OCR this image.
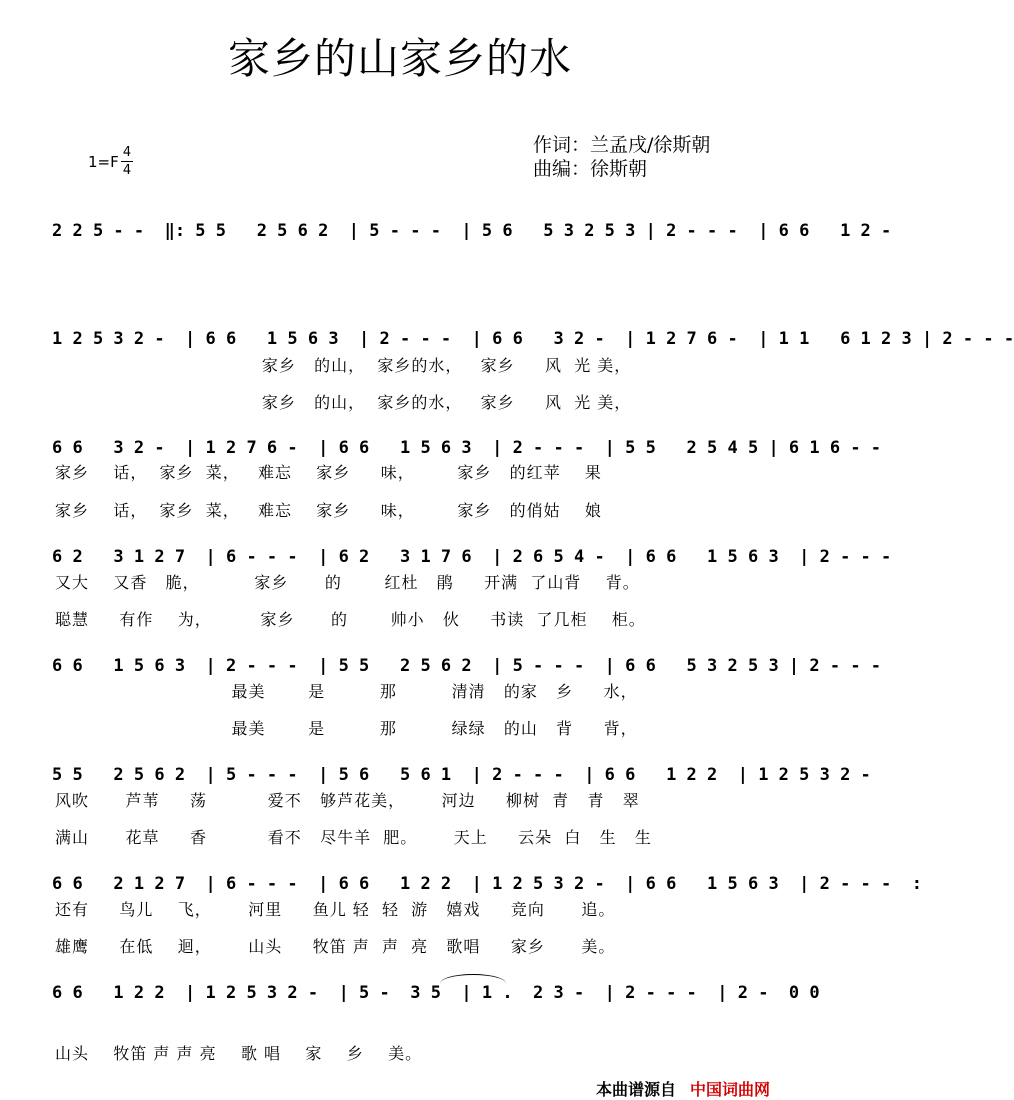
家乡的山家乡的水
1=F
4
4
作词：兰孟戌/徐斯朝
曲编：徐斯朝
2 2 5 - -  ‖: 5 5   2 5 6 2  | 5 - - -  | 5 6   5 3 2 5 3 | 2 - - -  | 6 6   1 2 -
1 2 5 3 2 -  | 6 6   1 5 6 3  | 2 - - -  | 6 6   3 2 -  | 1 2 7 6 -  | 1 1   6 1 2 3 | 2 - - -
家乡   的山，  家乡的水，   家乡     风  光 美，
家乡   的山，  家乡的水，   家乡     风  光 美，
6 6   3 2 -  | 1 2 7 6 -  | 6 6   1 5 6 3  | 2 - - -  | 5 5   2 5 4 5 | 6 1 6 - -
家乡    话，  家乡  菜，   难忘    家乡     味，       家乡   的红苹    果
家乡    话，  家乡  菜，   难忘    家乡     味，       家乡   的俏姑    娘
6 2   3 1 2 7  | 6 - - -  | 6 2   3 1 7 6  | 2 6 5 4 -  | 6 6   1 5 6 3  | 2 - - -
又大    又香   脆，         家乡      的       红杜   鹃     开满  了山背    背。
聪慧     有作    为，        家乡      的       帅小   伙     书读  了几柜    柜。
6 6   1 5 6 3  | 2 - - -  | 5 5   2 5 6 2  | 5 - - -  | 6 6   5 3 2 5 3 | 2 - - -
最美       是         那         清清   的家   乡     水，
最美       是         那         绿绿   的山   背     背，
5 5   2 5 6 2  | 5 - - -  | 5 6   5 6 1  | 2 - - -  | 6 6   1 2 2  | 1 2 5 3 2 -
风吹      芦苇     荡          爱不   够芦花美，      河边     柳树  青   青   翠
满山      花草     香          看不   尽牛羊  肥。      天上     云朵  白   生   生
6 6   2 1 2 7  | 6 - - -  | 6 6   1 2 2  | 1 2 5 3 2 -  | 6 6   1 5 6 3  | 2 - - -  :
还有     鸟儿    飞，      河里     鱼儿 轻  轻  游   嬉戏     竞向      追。
雄鹰     在低    迴，      山头     牧笛 声  声  亮   歌唱     家乡      美。
6 6   1 2 2  | 1 2 5 3 2 -  | 5 -  3 5  | 1 .  2 3 -  | 2 - - -  | 2 -  0 0
山头    牧笛 声 声 亮    歌 唱    家    乡    美。
本曲谱源自 中国词曲网
